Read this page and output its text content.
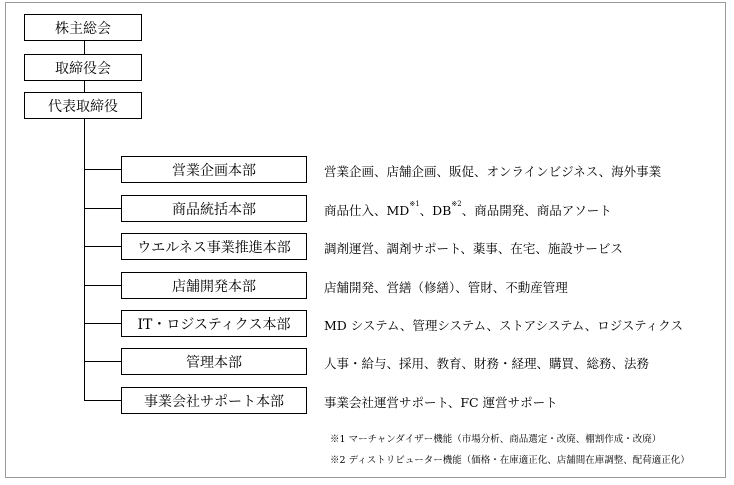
株主総会
取締役会
代表取締役
営業企画本部
商品統括本部
ウエルネス事業推進本部
店舗開発本部
IT・ロジスティクス本部
管理本部
事業会社サポート本部
営業企画、店舗企画、販促、オンラインビジネス、海外事業
商品仕入、MD$^{※1}$、DB$^{※2}$、商品開発、商品アソート
調剤運営、調剤サポート、薬事、在宅、施設サービス
店舗開発、営繕（修繕）、管財、不動産管理
MD システム、管理システム、ストアシステム、ロジスティクス
人事・給与、採用、教育、財務・経理、購買、総務、法務
事業会社運営サポート、FC 運営サポート
※1 マーチャンダイザー機能（市場分析、商品選定・改廃、棚割作成・改廃）
※2 ディストリビューター機能（価格・在庫適正化、店舗間在庫調整、配荷適正化）
